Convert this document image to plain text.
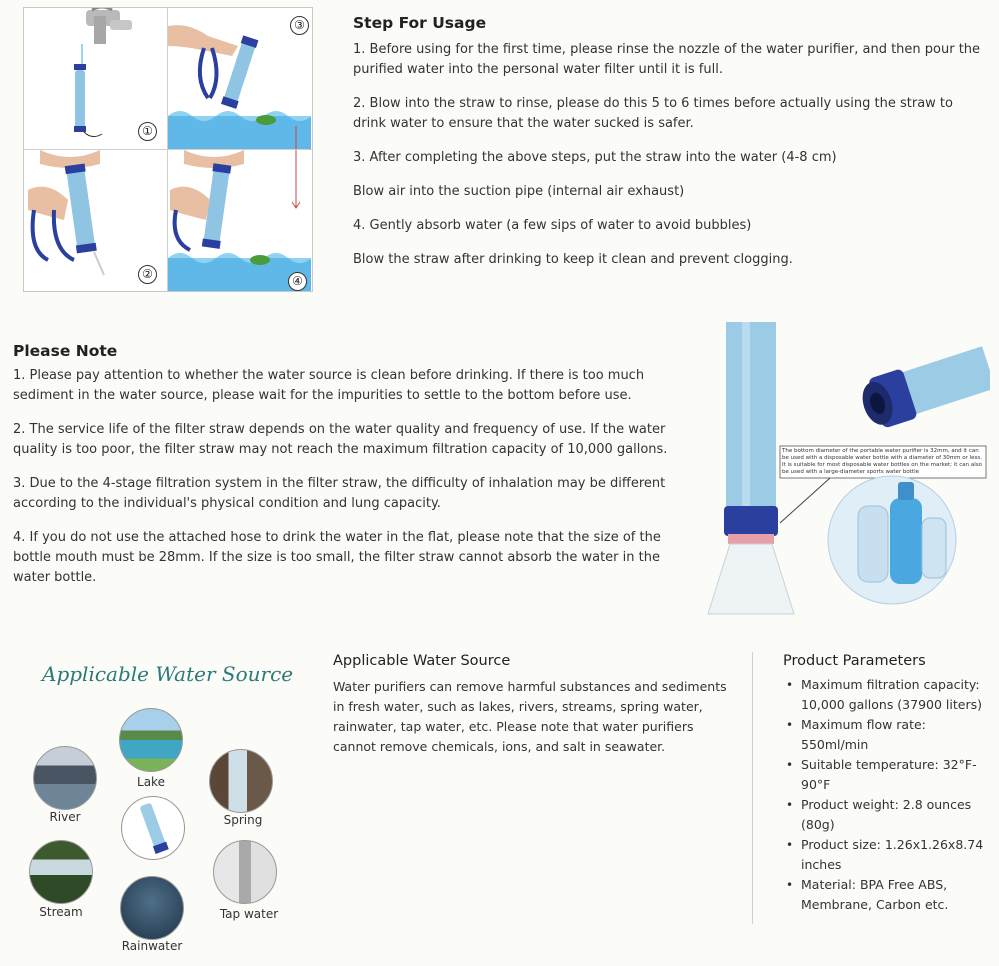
①
③
②	④
Step For Usage

1. Before using for the first time, please rinse the nozzle of the water purifier, and then pour the purified water into the personal water filter until it is full.

2. Blow into the straw to rinse, please do this 5 to 6 times before actually using the straw to drink water to ensure that the water sucked is safer.

3. After completing the above steps, put the straw into the water (4-8 cm)

Blow air into the suction pipe (internal air exhaust)

4. Gently absorb water (a few sips of water to avoid bubbles)

Blow the straw after drinking to keep it clean and prevent clogging.

Please Note

1. Please pay attention to whether the water source is clean before drinking. If there is too much sediment in the water source, please wait for the impurities to settle to the bottom before use.

2. The service life of the filter straw depends on the water quality and frequency of use. If the water quality is too poor, the filter straw may not reach the maximum filtration capacity of 10,000 gallons.

3. Due to the 4-stage filtration system in the filter straw, the difficulty of inhalation may be different according to the individual's physical condition and lung capacity.

4. If you do not use the attached hose to drink the water in the flat, please note that the size of the bottle mouth must be 28mm. If the size is too small, the filter straw cannot absorb the water in the water bottle.

The bottom diameter of the portable water purifier is 32mm, and it can be used with a disposable water bottle with a diameter of 30mm or less. It is suitable for most disposable water bottles on the market; it can also be used with a large-diameter sports water bottle
Applicable Water Source
Lake
River	Spring
Stream	Tap water
Rainwater
Applicable Water Source

Water purifiers can remove harmful substances and sediments in fresh water, such as lakes, rivers, streams, spring water, rainwater, tap water, etc. Please note that water purifiers cannot remove chemicals, ions, and salt in seawater.

Product Parameters
• Maximum filtration capacity: 10,000 gallons (37900 liters)
• Maximum flow rate: 550ml/min
• Suitable temperature: 32°F-90°F
• Product weight: 2.8 ounces (80g)
• Product size: 1.26x1.26x8.74 inches
• Material: BPA Free ABS, Membrane, Carbon etc.
